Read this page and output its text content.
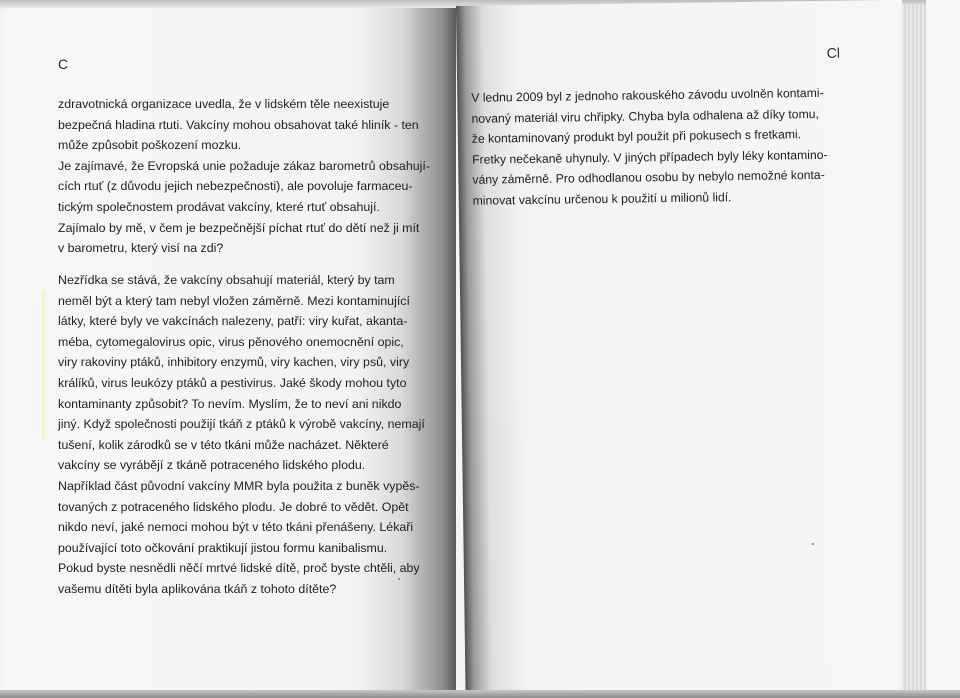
Cl
V lednu 2009 byl z jednoho rakouského závodu uvolněn kontami-
novaný materiál viru chřipky. Chyba byla odhalena až díky tomu,
že kontaminovaný produkt byl použit při pokusech s fretkami.
Fretky nečekaně uhynuly. V jiných případech byly léky kontamino-
vány záměrně. Pro odhodlanou osobu by nebylo nemožné konta-
minovat vakcínu určenou k použití u milionů lidí.
C
zdravotnická organizace uvedla, že v lidském těle neexistuje
bezpečná hladina rtuti. Vakcíny mohou obsahovat také hliník - ten
může způsobit poškození mozku.
Je zajímavé, že Evropská unie požaduje zákaz barometrů obsahují-
cích rtuť (z důvodu jejich nebezpečnosti), ale povoluje farmaceu-
tickým společnostem prodávat vakcíny, které rtuť obsahují.
Zajímalo by mě, v čem je bezpečnější píchat rtuť do dětí než ji mít
v barometru, který visí na zdi?
Nezřídka se stává, že vakcíny obsahují materiál, který by tam
neměl být a který tam nebyl vložen záměrně. Mezi kontaminující
látky, které byly ve vakcínách nalezeny, patří: viry kuřat, akanta-
méba, cytomegalovirus opic, virus pěnového onemocnění opic,
viry rakoviny ptáků, inhibitory enzymů, viry kachen, viry psů, viry
králíků, virus leukózy ptáků a pestivirus. Jaké škody mohou tyto
kontaminanty způsobit? To nevím. Myslím, že to neví ani nikdo
jiný. Když společnosti použijí tkáň z ptáků k výrobě vakcíny, nemají
tušení, kolik zárodků se v této tkáni může nacházet. Některé
vakcíny se vyrábějí z tkáně potraceného lidského plodu.
Například část původní vakcíny MMR byla použita z buněk vypěs-
tovaných z potraceného lidského plodu. Je dobré to vědět. Opět
nikdo neví, jaké nemoci mohou být v této tkáni přenášeny. Lékaři
používající toto očkování praktikují jistou formu kanibalismu.
Pokud byste nesnědli něčí mrtvé lidské dítě, proč byste chtěli, aby
vašemu dítěti byla aplikována tkáň z tohoto dítěte?
